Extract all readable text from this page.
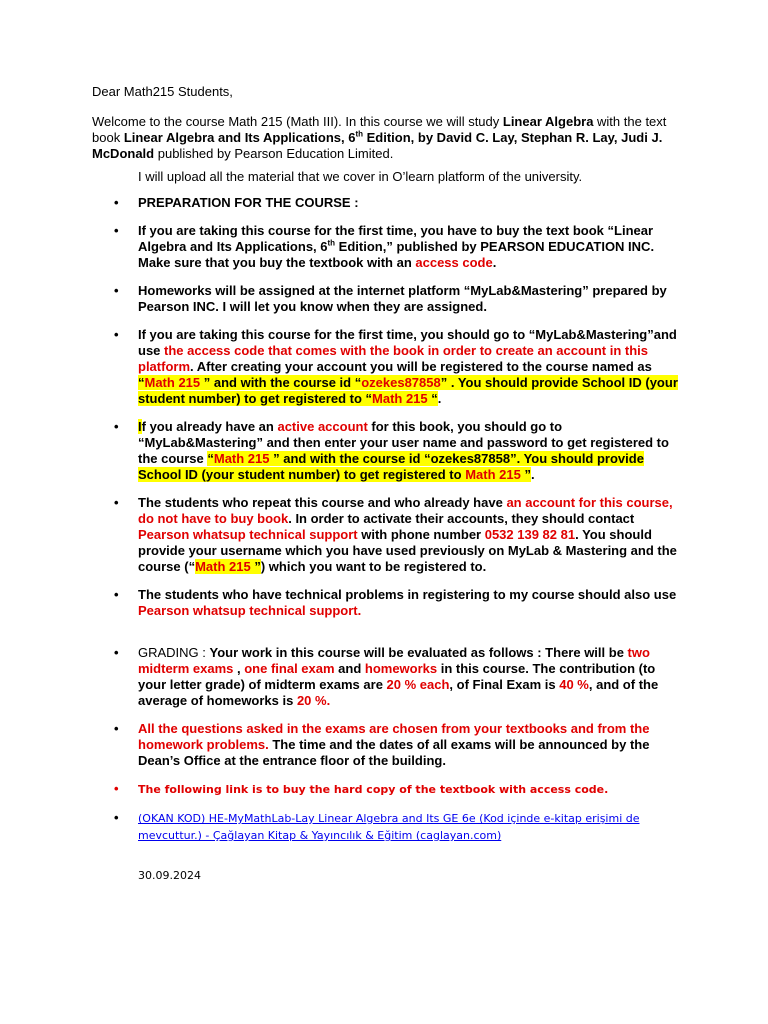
Dear Math215 Students,

Welcome to the course Math 215 (Math III). In this course we will study Linear Algebra with the text book Linear Algebra and Its Applications, 6th Edition, by David C. Lay, Stephan R. Lay, Judi J. McDonald published by Pearson Education Limited.

I will upload all the material that we cover in O’learn platform of the university.

• PREPARATION FOR THE COURSE :
• If you are taking this course for the first time, you have to buy the text book “Linear Algebra and Its Applications, 6th Edition,” published by PEARSON EDUCATION INC. Make sure that you buy the textbook with an access code.
• Homeworks will be assigned at the internet platform “MyLab&Mastering” prepared by Pearson INC. I will let you know when they are assigned.
• If you are taking this course for the first time, you should go to “MyLab&Mastering”and use the access code that comes with the book in order to create an account in this platform. After creating your account you will be registered to the course named as “Math 215 ” and with the course id “ozekes87858” . You should provide School ID (your student number) to get registered to “Math 215 “.
• If you already have an active account for this book, you should go to “MyLab&Mastering” and then enter your user name and password to get registered to the course “Math 215 ” and with the course id “ozekes87858”. You should provide School ID (your student number) to get registered to Math 215 ”.
• The students who repeat this course and who already have an account for this course, do not have to buy book. In order to activate their accounts, they should contact Pearson whatsup technical support with phone number 0532 139 82 81. You should provide your username which you have used previously on MyLab & Mastering and the course (“Math 215 ”) which you want to be registered to.
• The students who have technical problems in registering to my course should also use Pearson whatsup technical support.
• GRADING : Your work in this course will be evaluated as follows : There will be two midterm exams , one final exam and homeworks in this course. The contribution (to your letter grade) of midterm exams are 20 % each, of Final Exam is 40 %, and of the average of homeworks is 20 %.
• All the questions asked in the exams are chosen from your textbooks and from the homework problems. The time and the dates of all exams will be announced by the Dean’s Office at the entrance floor of the building.
• The following link is to buy the hard copy of the textbook with access code.
• (OKAN KOD) HE-MyMathLab-Lay Linear Algebra and Its GE 6e (Kod içinde e-kitap erişimi de mevcuttur.) - Çağlayan Kitap & Yayıncılık & Eğitim (caglayan.com)

30.09.2024
